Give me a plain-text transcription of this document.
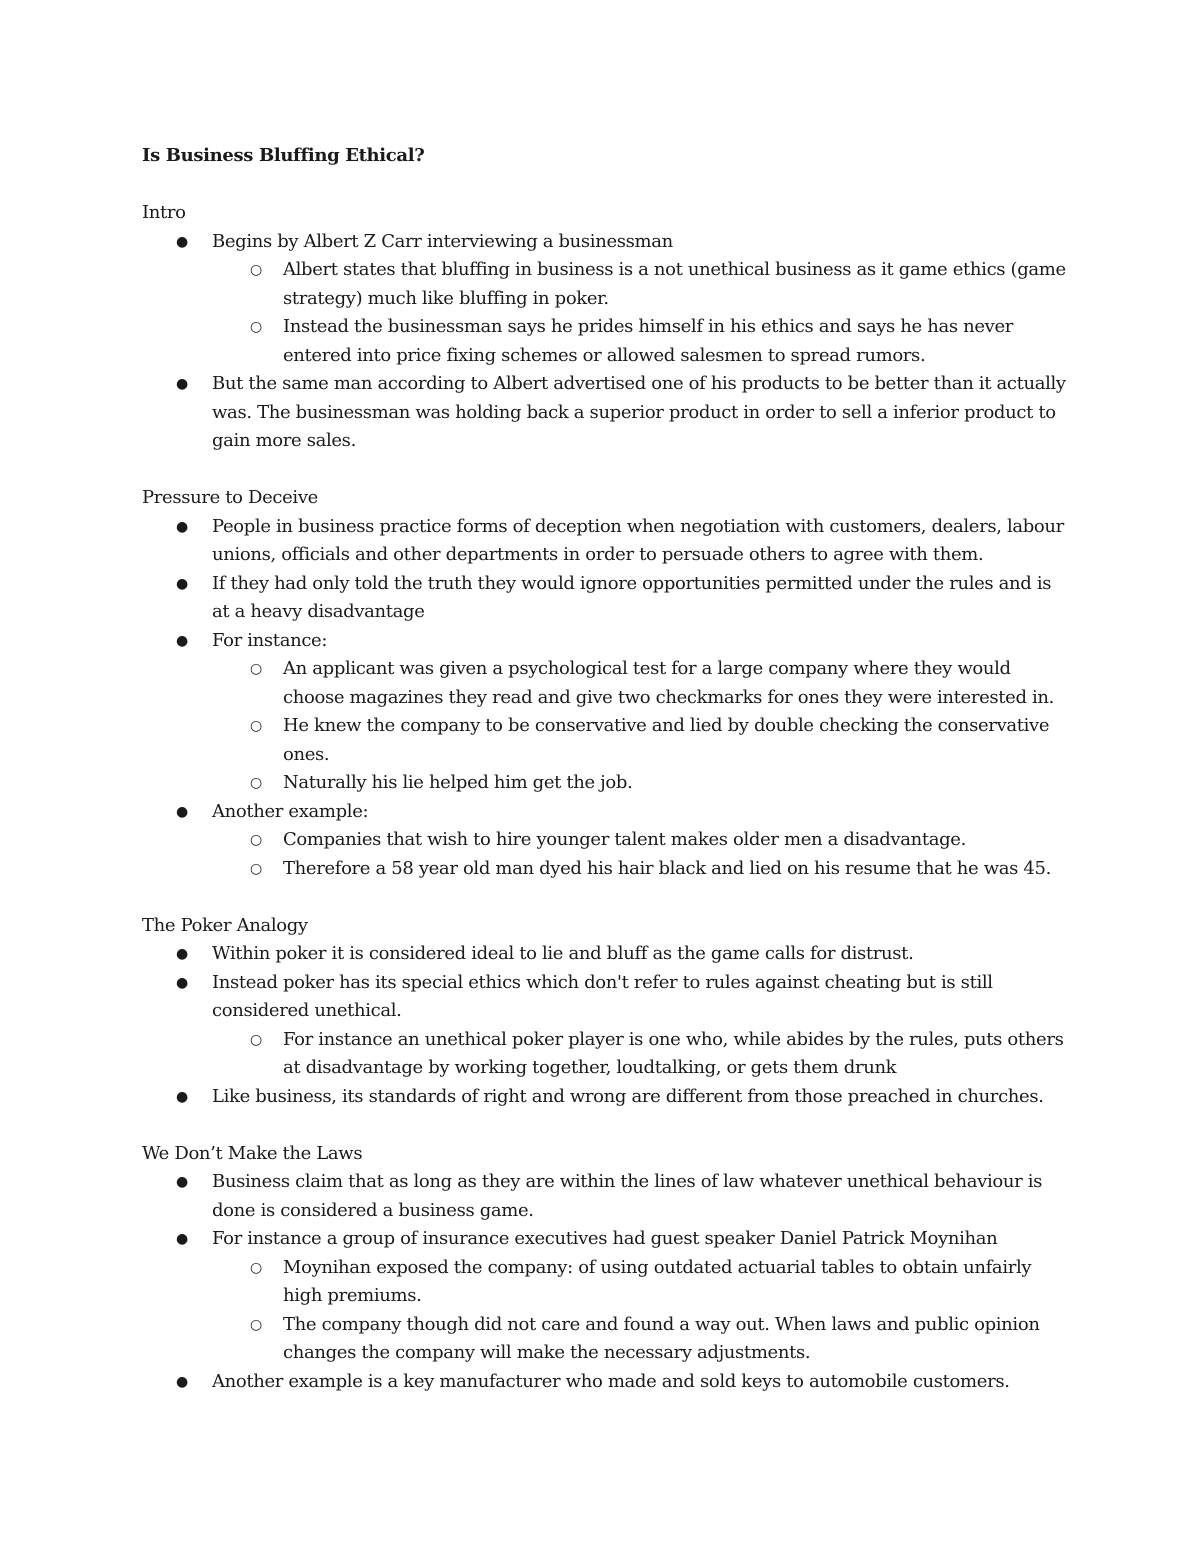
Is Business Bluffing Ethical?
Intro
● Begins by Albert Z Carr interviewing a businessman
○ Albert states that bluffing in business is a not unethical business as it game ethics (game strategy) much like bluffing in poker.
○ Instead the businessman says he prides himself in his ethics and says he has never entered into price fixing schemes or allowed salesmen to spread rumors.
● But the same man according to Albert advertised one of his products to be better than it actually was. The businessman was holding back a superior product in order to sell a inferior product to gain more sales.
Pressure to Deceive
● People in business practice forms of deception when negotiation with customers, dealers, labour unions, officials and other departments in order to persuade others to agree with them.
● If they had only told the truth they would ignore opportunities permitted under the rules and is at a heavy disadvantage
● For instance:
○ An applicant was given a psychological test for a large company where they would choose magazines they read and give two checkmarks for ones they were interested in.
○ He knew the company to be conservative and lied by double checking the conservative ones.
○ Naturally his lie helped him get the job.
● Another example:
○ Companies that wish to hire younger talent makes older men a disadvantage.
○ Therefore a 58 year old man dyed his hair black and lied on his resume that he was 45.
The Poker Analogy
● Within poker it is considered ideal to lie and bluff as the game calls for distrust.
● Instead poker has its special ethics which don't refer to rules against cheating but is still considered unethical.
○ For instance an unethical poker player is one who, while abides by the rules, puts others at disadvantage by working together, loudtalking, or gets them drunk
● Like business, its standards of right and wrong are different from those preached in churches.
We Don’t Make the Laws
● Business claim that as long as they are within the lines of law whatever unethical behaviour is done is considered a business game.
● For instance a group of insurance executives had guest speaker Daniel Patrick Moynihan
○ Moynihan exposed the company: of using outdated actuarial tables to obtain unfairly high premiums.
○ The company though did not care and found a way out. When laws and public opinion changes the company will make the necessary adjustments.
● Another example is a key manufacturer who made and sold keys to automobile customers.
